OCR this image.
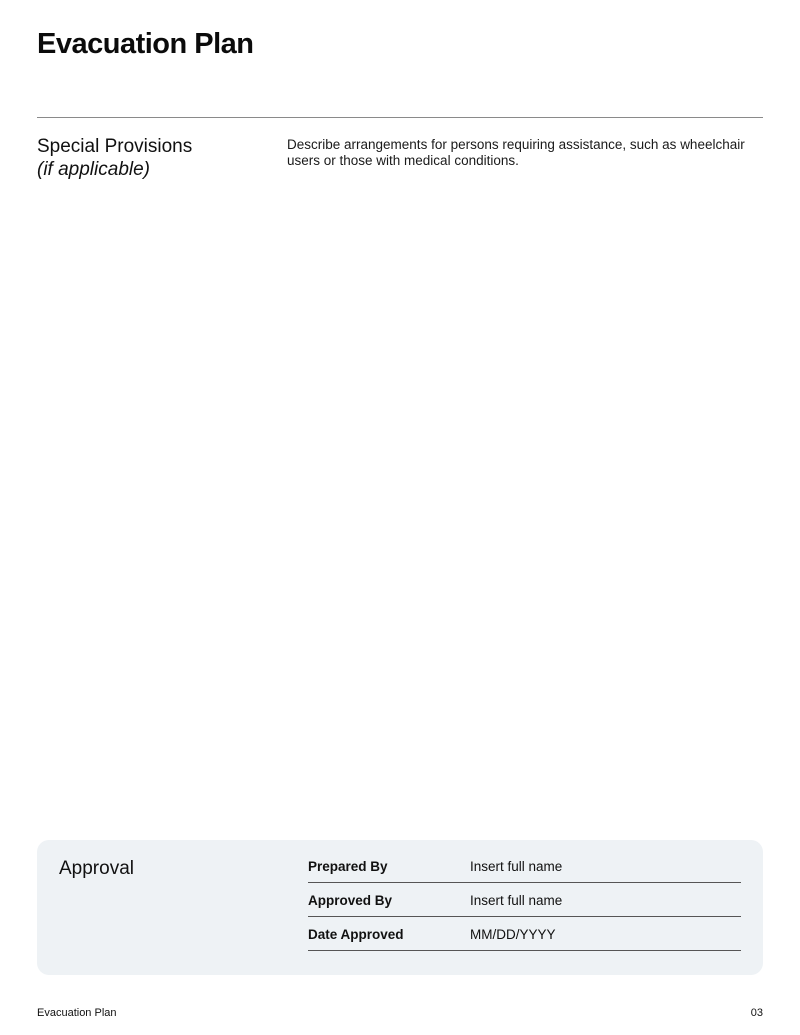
Evacuation Plan
Special Provisions
(if applicable)
Describe arrangements for persons requiring assistance, such as wheelchair users or those with medical conditions.
Approval	Prepared By	Insert full name
Approved By	Insert full name
Date Approved	MM/DD/YYYY
Evacuation Plan	03
